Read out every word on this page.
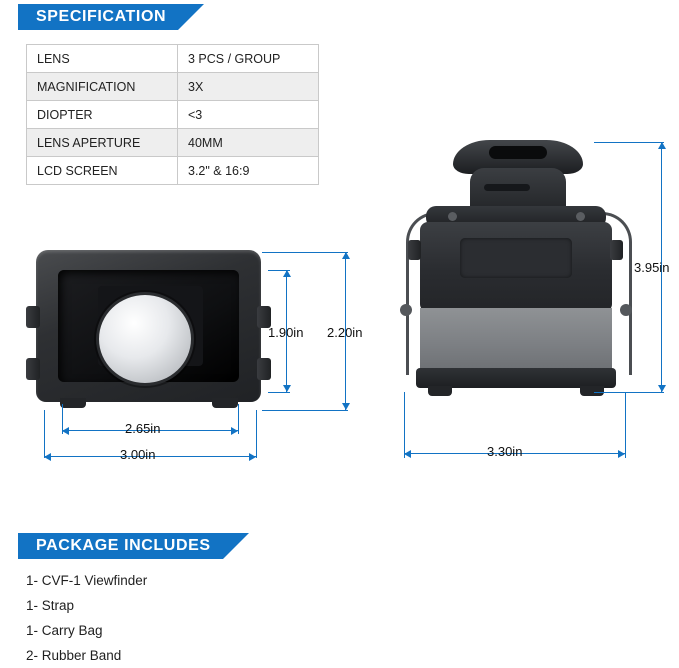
SPECIFICATION
LENS	3 PCS / GROUP
MAGNIFICATION	3X
DIOPTER	<3
LENS APERTURE	40MM
LCD SCREEN	3.2" & 16:9
1.90in 2.20in
2.65in
3.00in
3.95in
3.30in
PACKAGE INCLUDES
1- CVF-1 Viewfinder
1- Strap
1- Carry Bag
2- Rubber Band
